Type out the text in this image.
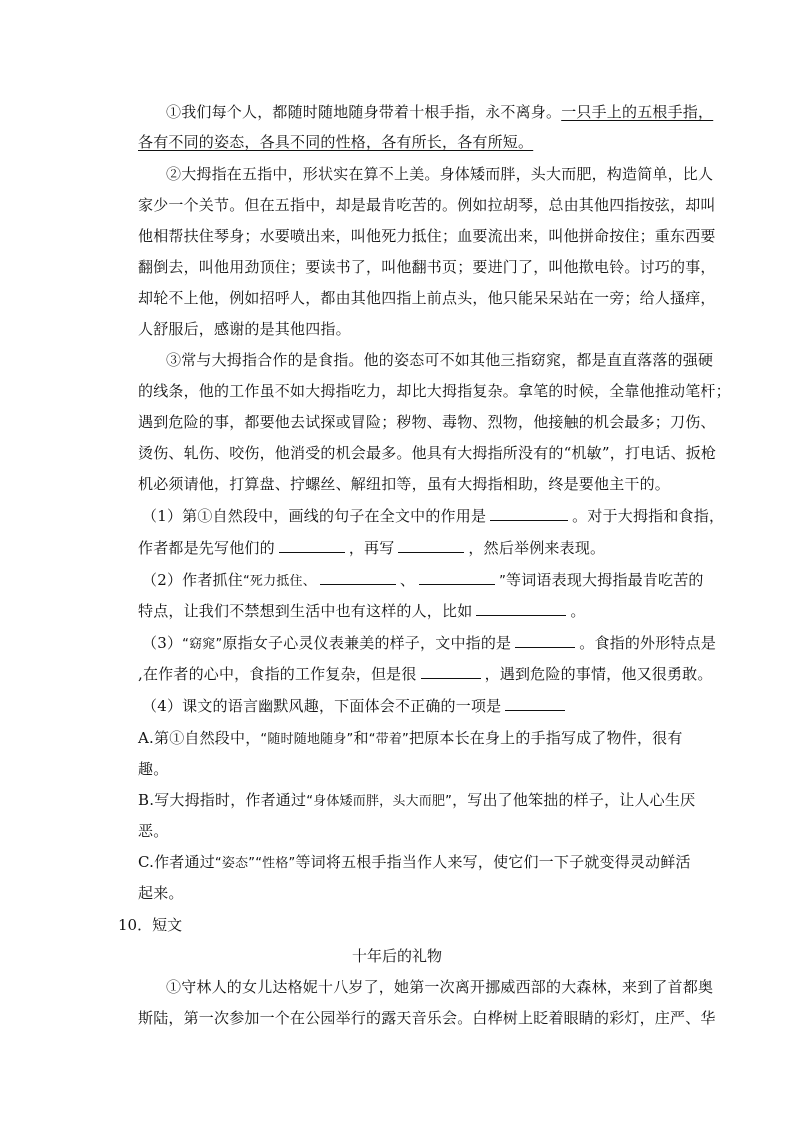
①我们每个人，都随时随地随身带着十根手指，永不离身。一只手上的五根手指，
各有不同的姿态，各具不同的性格，各有所长，各有所短。
②大拇指在五指中，形状实在算不上美。身体矮而胖，头大而肥，构造简单，比人
家少一个关节。但在五指中，却是最肯吃苦的。例如拉胡琴，总由其他四指按弦，却叫
他相帮扶住琴身；水要喷出来，叫他死力抵住；血要流出来，叫他拼命按住；重东西要
翻倒去，叫他用劲顶住；要读书了，叫他翻书页；要进门了，叫他揿电铃。讨巧的事，
却轮不上他，例如招呼人，都由其他四指上前点头，他只能呆呆站在一旁；给人搔痒，
人舒服后，感谢的是其他四指。
③常与大拇指合作的是食指。他的姿态可不如其他三指窈窕，都是直直落落的强硬
的线条，他的工作虽不如大拇指吃力，却比大拇指复杂。拿笔的时候，全靠他推动笔杆；
遇到危险的事，都要他去试探或冒险；秽物、毒物、烈物，他接触的机会最多；刀伤、
烫伤、轧伤、咬伤，他消受的机会最多。他具有大拇指所没有的“机敏”，打电话、扳枪
机必须请他，打算盘、拧螺丝、解纽扣等，虽有大拇指相助，终是要他主干的。
（1）第①自然段中，画线的句子在全文中的作用是	。对于大拇指和食指，
作者都是先写他们的	，再写	，然后举例来表现。
（2）作者抓住“死力抵住、	、	”等词语表现大拇指最肯吃苦的
特点，让我们不禁想到生活中也有这样的人，比如	。
（3）“窈窕”原指女子心灵仪表兼美的样子，文中指的是	。食指的外形特点是
,在作者的心中，食指的工作复杂，但是很	，遇到危险的事情，他又很勇敢。
（4）课文的语言幽默风趣，下面体会不正确的一项是
A.第①自然段中，“随时随地随身”和“带着”把原本长在身上的手指写成了物件，很有
趣。
B.写大拇指时，作者通过“身体矮而胖，头大而肥”，写出了他笨拙的样子，让人心生厌
恶。
C.作者通过“姿态”“性格”等词将五根手指当作人来写，使它们一下子就变得灵动鲜活
起来。
10．短文
十年后的礼物
①守林人的女儿达格妮十八岁了，她第一次离开挪威西部的大森林，来到了首都奥
斯陆，第一次参加一个在公园举行的露天音乐会。白桦树上眨着眼睛的彩灯，庄严、华
